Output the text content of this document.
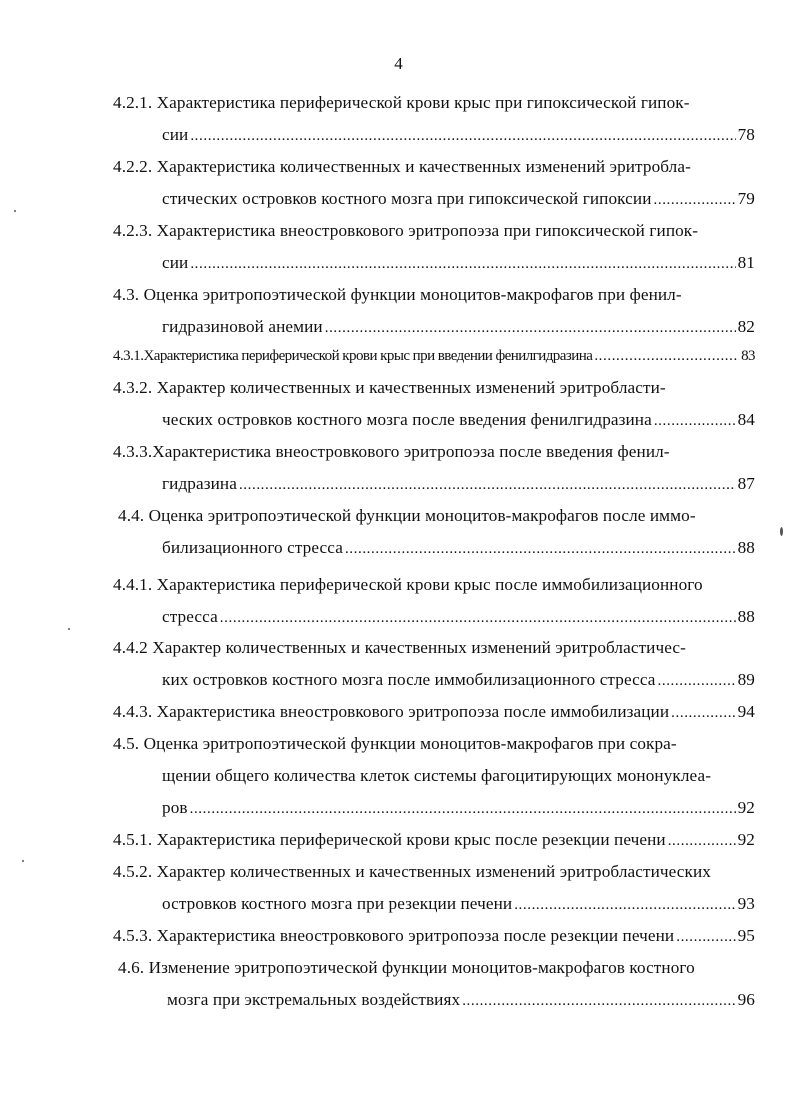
4
4.2.1. Характеристика периферической крови крыс при гипоксической гипок-
сии .....	78
4.2.2. Характеристика количественных и качественных изменений эритробла-
стических островков костного мозга при гипоксической гипоксии .....	79
4.2.3. Характеристика внеостровкового эритропоэза при гипоксической гипок-
сии .....	81
4.3. Оценка эритропоэтической функции моноцитов-макрофагов при фенил-
гидразиновой анемии .....	82
4.3.1.Характеристика периферической крови крыс при введении фенилгидразина .....	83
4.3.2. Характер количественных и качественных изменений эритробласти-
ческих островков костного мозга после введения фенилгидразина .....	84
4.3.3.Характеристика внеостровкового эритропоэза после введения фенил-
гидразина .....	87
4.4. Оценка эритропоэтической функции моноцитов-макрофагов после иммо-
билизационного стресса .....	88
4.4.1. Характеристика периферической крови крыс после иммобилизационного
стресса .....	88
4.4.2 Характер количественных и качественных изменений эритробластичес-
ких островков костного мозга после иммобилизационного стресса .....	89
4.4.3. Характеристика внеостровкового эритропоэза после иммобилизации .....	94
4.5. Оценка эритропоэтической функции моноцитов-макрофагов при сокра-
щении общего количества клеток системы фагоцитирующих мононуклеа-
ров .....	92
4.5.1. Характеристика периферической крови крыс после резекции печени .....	92
4.5.2. Характер количественных и качественных изменений эритробластических
островков костного мозга при резекции печени .....	93
4.5.3. Характеристика внеостровкового эритропоэза после резекции печени .....	95
4.6. Изменение эритропоэтической функции моноцитов-макрофагов костного
мозга при экстремальных воздействиях .....	96
